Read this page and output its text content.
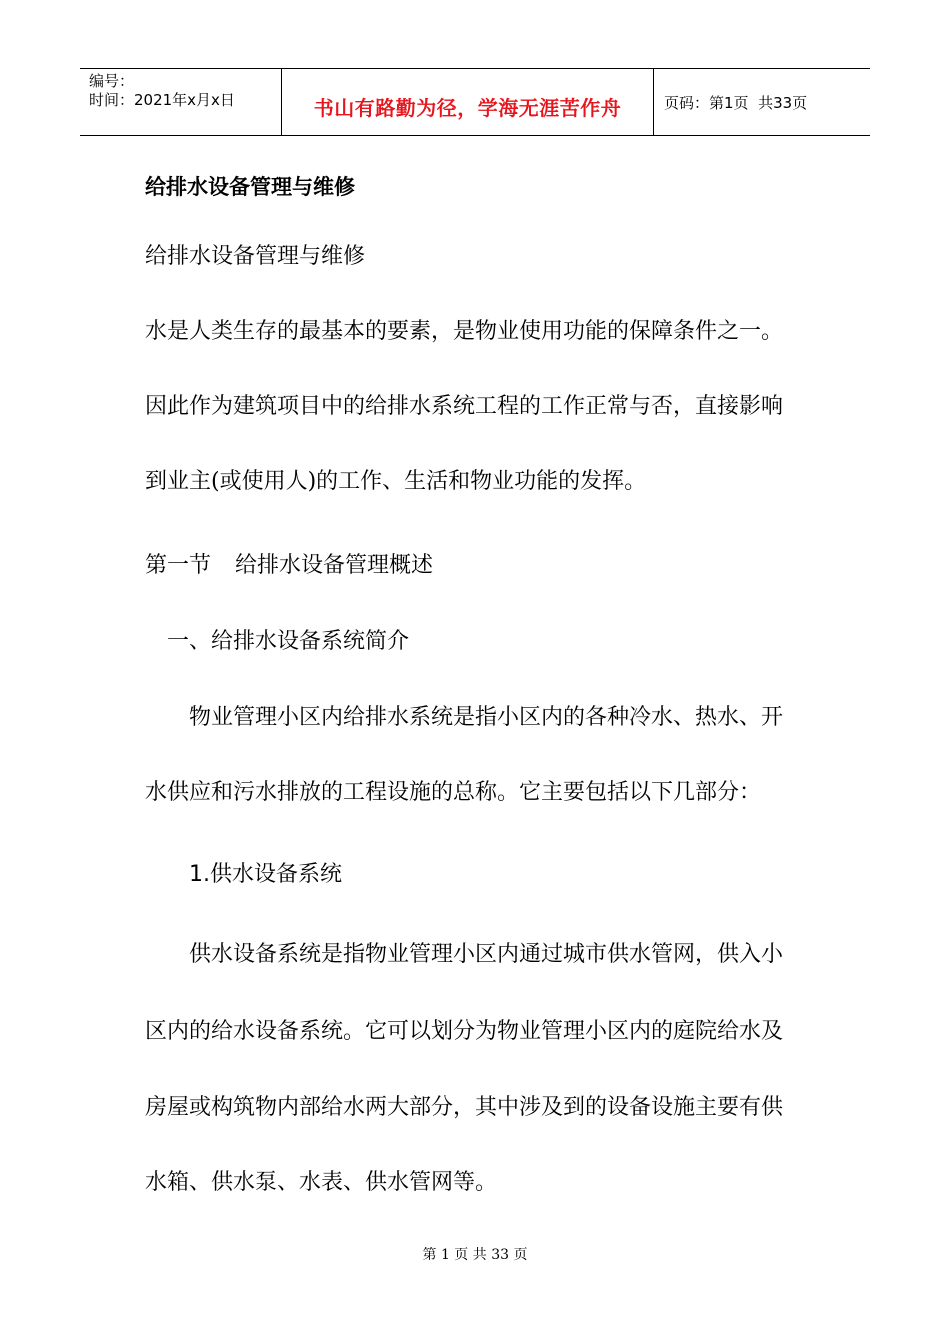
编号：
时间：2021年x月x日	书山有路勤为径，学海无涯苦作舟	页码：第1页  共33页
给排水设备管理与维修
给排水设备管理与维修
水是人类生存的最基本的要素，是物业使用功能的保障条件之一。
因此作为建筑项目中的给排水系统工程的工作正常与否，直接影响
到业主(或使用人)的工作、生活和物业功能的发挥。
第一节 给排水设备管理概述
一、给排水设备系统简介
物业管理小区内给排水系统是指小区内的各种冷水、热水、开
水供应和污水排放的工程设施的总称。它主要包括以下几部分：
1.供水设备系统
供水设备系统是指物业管理小区内通过城市供水管网，供入小
区内的给水设备系统。它可以划分为物业管理小区内的庭院给水及
房屋或构筑物内部给水两大部分，其中涉及到的设备设施主要有供
水箱、供水泵、水表、供水管网等。
第 1 页 共 33 页
